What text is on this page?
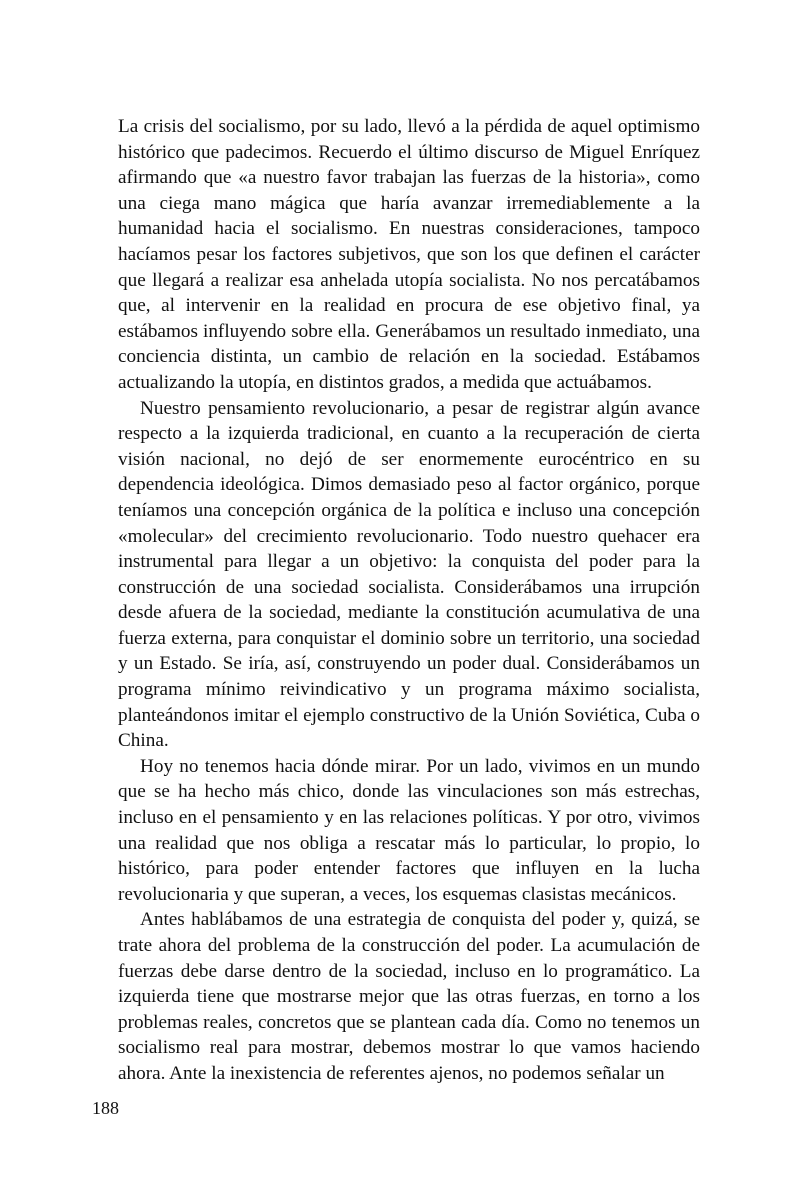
La crisis del socialismo, por su lado, llevó a la pérdida de aquel optimismo histórico que padecimos. Recuerdo el último discurso de Miguel Enríquez afirmando que «a nuestro favor trabajan las fuerzas de la historia», como una ciega mano mágica que haría avanzar irremediablemente a la humanidad hacia el socialismo. En nuestras consideraciones, tampoco hacíamos pesar los factores subjetivos, que son los que definen el carácter que llegará a realizar esa anhelada utopía socialista. No nos percatábamos que, al intervenir en la realidad en procura de ese objetivo final, ya estábamos influyendo sobre ella. Generábamos un resultado inmediato, una conciencia distinta, un cambio de relación en la sociedad. Estábamos actualizando la utopía, en distintos grados, a medida que actuábamos.

Nuestro pensamiento revolucionario, a pesar de registrar algún avance respecto a la izquierda tradicional, en cuanto a la recuperación de cierta visión nacional, no dejó de ser enormemente eurocéntrico en su dependencia ideológica. Dimos demasiado peso al factor orgánico, porque teníamos una concepción orgánica de la política e incluso una concepción «molecular» del crecimiento revolucionario. Todo nuestro quehacer era instrumental para llegar a un objetivo: la conquista del poder para la construcción de una sociedad socialista. Considerábamos una irrupción desde afuera de la sociedad, mediante la constitución acumulativa de una fuerza externa, para conquistar el dominio sobre un territorio, una sociedad y un Estado. Se iría, así, construyendo un poder dual. Considerábamos un programa mínimo reivindicativo y un programa máximo socialista, planteándonos imitar el ejemplo constructivo de la Unión Soviética, Cuba o China.

Hoy no tenemos hacia dónde mirar. Por un lado, vivimos en un mundo que se ha hecho más chico, donde las vinculaciones son más estrechas, incluso en el pensamiento y en las relaciones políticas. Y por otro, vivimos una realidad que nos obliga a rescatar más lo particular, lo propio, lo histórico, para poder entender factores que influyen en la lucha revolucionaria y que superan, a veces, los esquemas clasistas mecánicos.

Antes hablábamos de una estrategia de conquista del poder y, quizá, se trate ahora del problema de la construcción del poder. La acumulación de fuerzas debe darse dentro de la sociedad, incluso en lo programático. La izquierda tiene que mostrarse mejor que las otras fuerzas, en torno a los problemas reales, concretos que se plantean cada día. Como no tenemos un socialismo real para mostrar, debemos mostrar lo que vamos haciendo ahora. Ante la inexistencia de referentes ajenos, no podemos señalar un

188
